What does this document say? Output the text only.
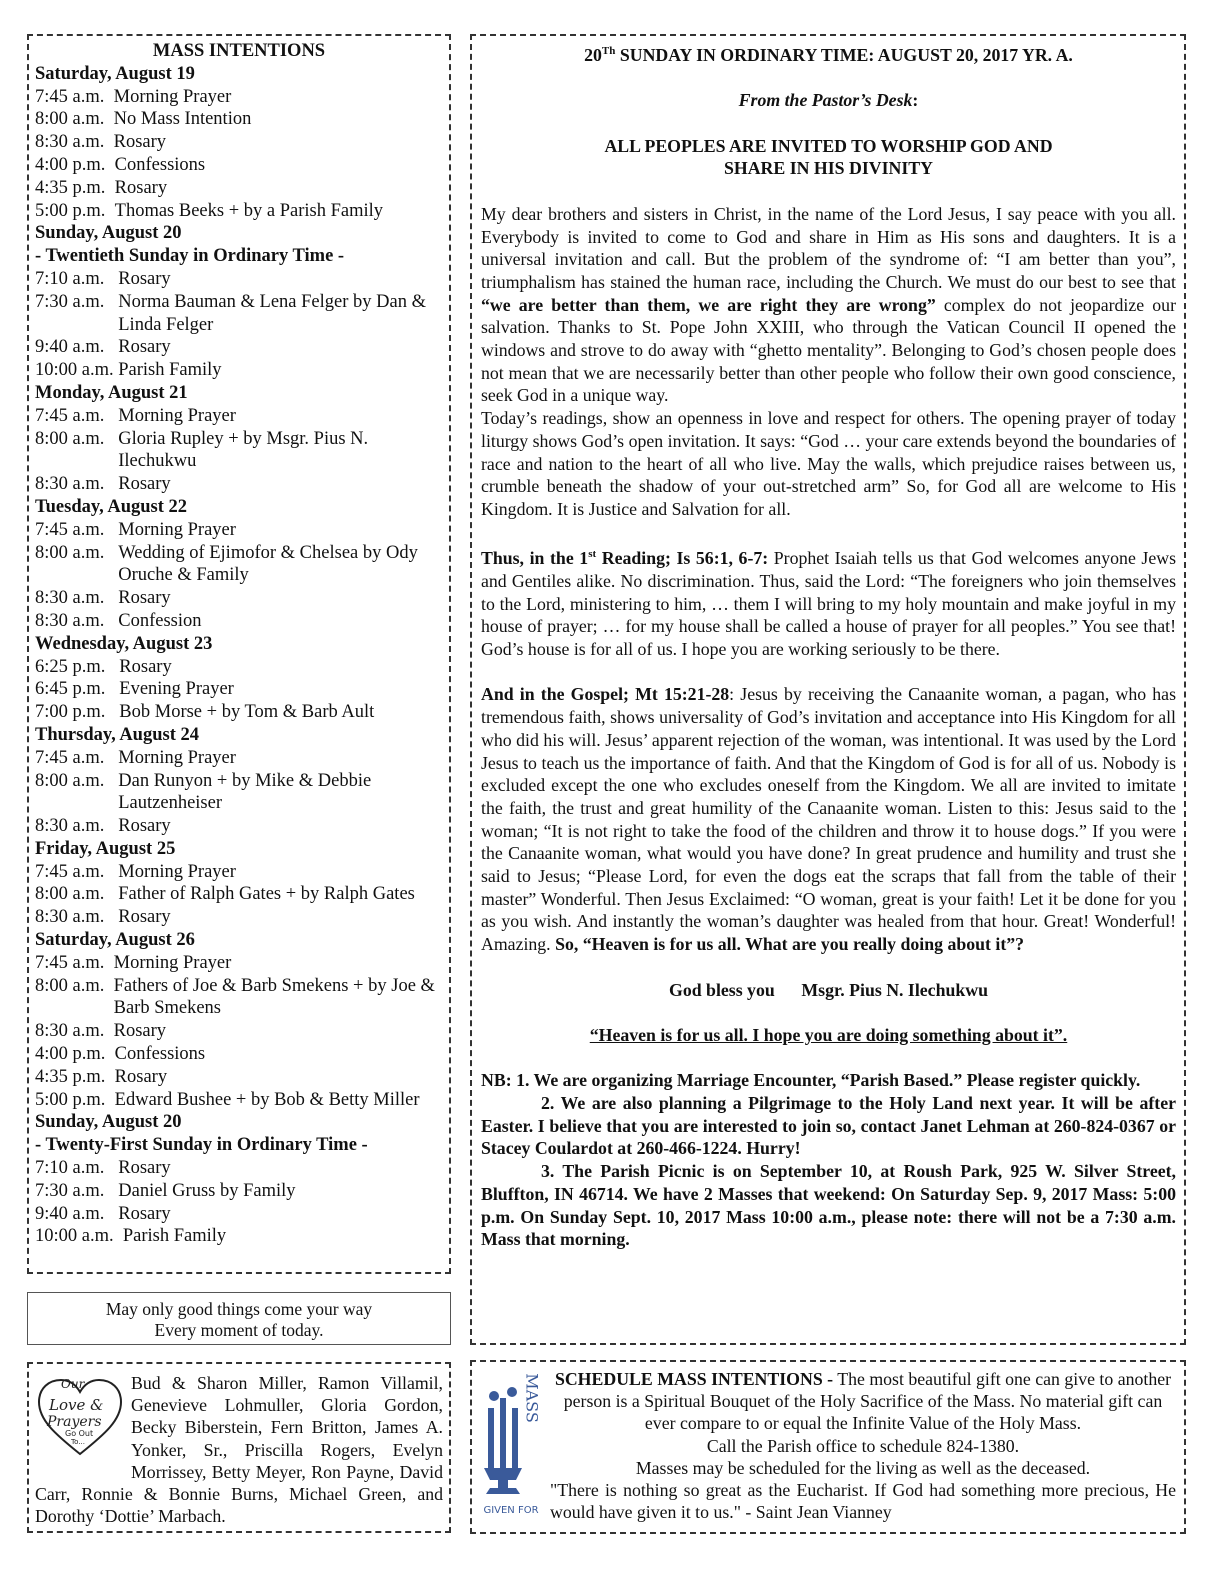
MASS INTENTIONS
Saturday, August 19
7:45 a.m. Morning Prayer
8:00 a.m. No Mass Intention
8:30 a.m. Rosary
4:00 p.m. Confessions
4:35 p.m. Rosary
5:00 p.m. Thomas Beeks + by a Parish Family
Sunday, August 20
- Twentieth Sunday in Ordinary Time -
7:10 a.m. Rosary
7:30 a.m. Norma Bauman & Lena Felger by Dan & Linda Felger
9:40 a.m. Rosary
10:00 a.m. Parish Family
Monday, August 21
7:45 a.m. Morning Prayer
8:00 a.m. Gloria Rupley + by Msgr. Pius N. Ilechukwu
8:30 a.m. Rosary
Tuesday, August 22
7:45 a.m. Morning Prayer
8:00 a.m. Wedding of Ejimofor & Chelsea by Ody Oruche & Family
8:30 a.m. Rosary
8:30 a.m. Confession
Wednesday, August 23
6:25 p.m. Rosary
6:45 p.m. Evening Prayer
7:00 p.m. Bob Morse + by Tom & Barb Ault
Thursday, August 24
7:45 a.m. Morning Prayer
8:00 a.m. Dan Runyon + by Mike & Debbie Lautzenheiser
8:30 a.m. Rosary
Friday, August 25
7:45 a.m. Morning Prayer
8:00 a.m. Father of Ralph Gates + by Ralph Gates
8:30 a.m. Rosary
Saturday, August 26
7:45 a.m. Morning Prayer
8:00 a.m. Fathers of Joe & Barb Smekens + by Joe & Barb Smekens
8:30 a.m. Rosary
4:00 p.m. Confessions
4:35 p.m. Rosary
5:00 p.m. Edward Bushee + by Bob & Betty Miller
Sunday, August 20
- Twenty-First Sunday in Ordinary Time -
7:10 a.m. Rosary
7:30 a.m. Daniel Gruss by Family
9:40 a.m. Rosary
10:00 a.m. Parish Family
May only good things come your way
Every moment of today.
Our
Love &
Prayers
Go Out
To...
Bud & Sharon Miller, Ramon Villamil, Genevieve Lohmuller, Gloria Gordon, Becky Biberstein, Fern Britton, James A. Yonker, Sr., Priscilla Rogers, Evelyn Morrissey, Betty Meyer, Ron Payne, David Carr, Ronnie & Bonnie Burns, Michael Green, and Dorothy ‘Dottie’ Marbach.
20Th SUNDAY IN ORDINARY TIME: AUGUST 20, 2017 YR. A.
From the Pastor’s Desk:
ALL PEOPLES ARE INVITED TO WORSHIP GOD AND
SHARE IN HIS DIVINITY

My dear brothers and sisters in Christ, in the name of the Lord Jesus, I say peace with you all. Everybody is invited to come to God and share in Him as His sons and daughters. It is a universal invitation and call. But the problem of the syndrome of: “I am better than you”, triumphalism has stained the human race, including the Church. We must do our best to see that “we are better than them, we are right they are wrong” complex do not jeopardize our salvation. Thanks to St. Pope John XXIII, who through the Vatican Council II opened the windows and strove to do away with “ghetto mentality”. Belonging to God’s chosen people does not mean that we are necessarily better than other people who follow their own good conscience, seek God in a unique way.

Today’s readings, show an openness in love and respect for others. The opening prayer of today liturgy shows God’s open invitation. It says: “God … your care extends beyond the boundaries of race and nation to the heart of all who live. May the walls, which prejudice raises between us, crumble beneath the shadow of your out-stretched arm” So, for God all are welcome to His Kingdom. It is Justice and Salvation for all.

Thus, in the 1st Reading; Is 56:1, 6-7: Prophet Isaiah tells us that God welcomes anyone Jews and Gentiles alike. No discrimination. Thus, said the Lord: “The foreigners who join themselves to the Lord, ministering to him, … them I will bring to my holy mountain and make joyful in my house of prayer; … for my house shall be called a house of prayer for all peoples.” You see that! God’s house is for all of us. I hope you are working seriously to be there.

And in the Gospel; Mt 15:21-28: Jesus by receiving the Canaanite woman, a pagan, who has tremendous faith, shows universality of God’s invitation and acceptance into His Kingdom for all who did his will. Jesus’ apparent rejection of the woman, was intentional. It was used by the Lord Jesus to teach us the importance of faith. And that the Kingdom of God is for all of us. Nobody is excluded except the one who excludes oneself from the Kingdom. We all are invited to imitate the faith, the trust and great humility of the Canaanite woman. Listen to this: Jesus said to the woman; “It is not right to take the food of the children and throw it to house dogs.” If you were the Canaanite woman, what would you have done? In great prudence and humility and trust she said to Jesus; “Please Lord, for even the dogs eat the scraps that fall from the table of their master” Wonderful. Then Jesus Exclaimed: “O woman, great is your faith! Let it be done for you as you wish. And instantly the woman’s daughter was healed from that hour. Great! Wonderful! Amazing. So, “Heaven is for us all. What are you really doing about it”?

God bless you      Msgr. Pius N. Ilechukwu
“Heaven is for us all. I hope you are doing something about it”.

NB: 1. We are organizing Marriage Encounter, “Parish Based.” Please register quickly.

2. We are also planning a Pilgrimage to the Holy Land next year. It will be after Easter. I believe that you are interested to join so, contact Janet Lehman at 260-824-0367 or Stacey Coulardot at 260-466-1224. Hurry!

3. The Parish Picnic is on September 10, at Roush Park, 925 W. Silver Street, Bluffton, IN 46714. We have 2 Masses that weekend: On Saturday Sep. 9, 2017 Mass: 5:00 p.m. On Sunday Sept. 10, 2017 Mass 10:00 a.m., please note: there will not be a 7:30 a.m. Mass that morning.

MASS
GIVEN FOR
SCHEDULE MASS INTENTIONS - The most beautiful gift one can give to another person is a Spiritual Bouquet of the Holy Sacrifice of the Mass. No material gift can ever compare to or equal the Infinite Value of the Holy Mass.
Call the Parish office to schedule 824-1380.
Masses may be scheduled for the living as well as the deceased.
"There is nothing so great as the Eucharist. If God had something more precious, He would have given it to us." - Saint Jean Vianney
